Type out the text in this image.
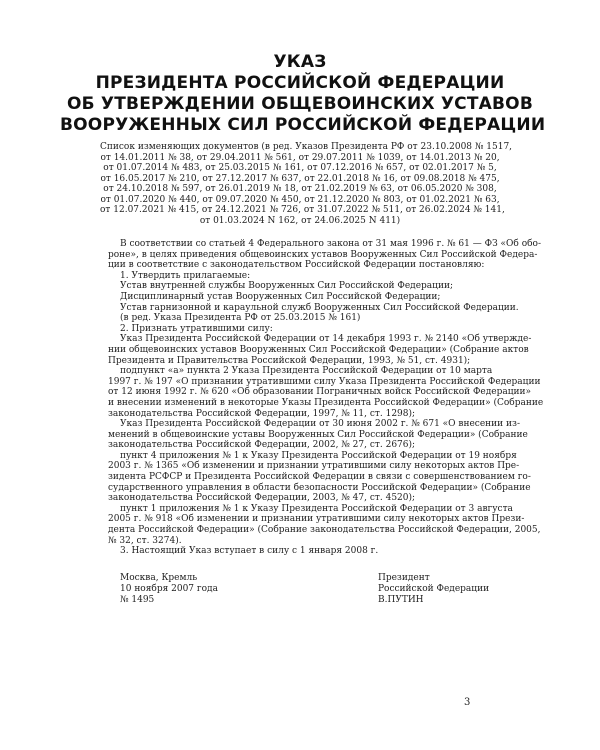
УКАЗ
ПРЕЗИДЕНТА РОССИЙСКОЙ ФЕДЕРАЦИИ
ОБ УТВЕРЖДЕНИИ ОБЩЕВОИНСКИХ УСТАВОВ
ВООРУЖЕННЫХ СИЛ РОССИЙСКОЙ ФЕДЕРАЦИИ
Список изменяющих документов (в ред. Указов Президента РФ от 23.10.2008 № 1517,
от 14.01.2011 № 38, от 29.04.2011 № 561, от 29.07.2011 № 1039, от 14.01.2013 № 20,
от 01.07.2014 № 483, от 25.03.2015 № 161, от 07.12.2016 № 657, от 02.01.2017 № 5,
от 16.05.2017 № 210, от 27.12.2017 № 637, от 22.01.2018 № 16, от 09.08.2018 № 475,
от 24.10.2018 № 597, от 26.01.2019 № 18, от 21.02.2019 № 63, от 06.05.2020 № 308,
от 01.07.2020 № 440, от 09.07.2020 № 450, от 21.12.2020 № 803, от 01.02.2021 № 63,
от 12.07.2021 № 415, от 24.12.2021 № 726, от 31.07.2022 № 511, от 26.02.2024 № 141,
от 01.03.2024 N 162, от 24.06.2025 N 411)
В соответствии со статьей 4 Федерального закона от 31 мая 1996 г. № 61 — ФЗ «Об обо-
роне», в целях приведения общевоинских уставов Вооруженных Сил Российской Федера-
ции в соответствие с законодательством Российской Федерации постановляю:
1. Утвердить прилагаемые:
Устав внутренней службы Вооруженных Сил Российской Федерации;
Дисциплинарный устав Вооруженных Сил Российской Федерации;
Устав гарнизонной и караульной служб Вооруженных Сил Российской Федерации.
(в ред. Указа Президента РФ от 25.03.2015 № 161)
2. Признать утратившими силу:
Указ Президента Российской Федерации от 14 декабря 1993 г. № 2140 «Об утвержде-
нии общевоинских уставов Вооруженных Сил Российской Федерации» (Собрание актов
Президента и Правительства Российской Федерации, 1993, № 51, ст. 4931);
подпункт «а» пункта 2 Указа Президента Российской Федерации от 10 марта
1997 г. № 197 «О признании утратившими силу Указа Президента Российской Федерации
от 12 июня 1992 г. № 620 «Об образовании Пограничных войск Российской Федерации»
и внесении изменений в некоторые Указы Президента Российской Федерации» (Собрание
законодательства Российской Федерации, 1997, № 11, ст. 1298);
Указ Президента Российской Федерации от 30 июня 2002 г. № 671 «О внесении из-
менений в общевоинские уставы Вооруженных Сил Российской Федерации» (Собрание
законодательства Российской Федерации, 2002, № 27, ст. 2676);
пункт 4 приложения № 1 к Указу Президента Российской Федерации от 19 ноября
2003 г. № 1365 «Об изменении и признании утратившими силу некоторых актов Пре-
зидента РСФСР и Президента Российской Федерации в связи с совершенствованием го-
сударственного управления в области безопасности Российской Федерации» (Собрание
законодательства Российской Федерации, 2003, № 47, ст. 4520);
пункт 1 приложения № 1 к Указу Президента Российской Федерации от 3 августа
2005 г. № 918 «Об изменении и признании утратившими силу некоторых актов Прези-
дента Российской Федерации» (Собрание законодательства Российской Федерации, 2005,
№ 32, ст. 3274).
3. Настоящий Указ вступает в силу с 1 января 2008 г.
Москва, Кремль
10 ноября 2007 года
№ 1495
Президент
Российской Федерации
В.ПУТИН
3
